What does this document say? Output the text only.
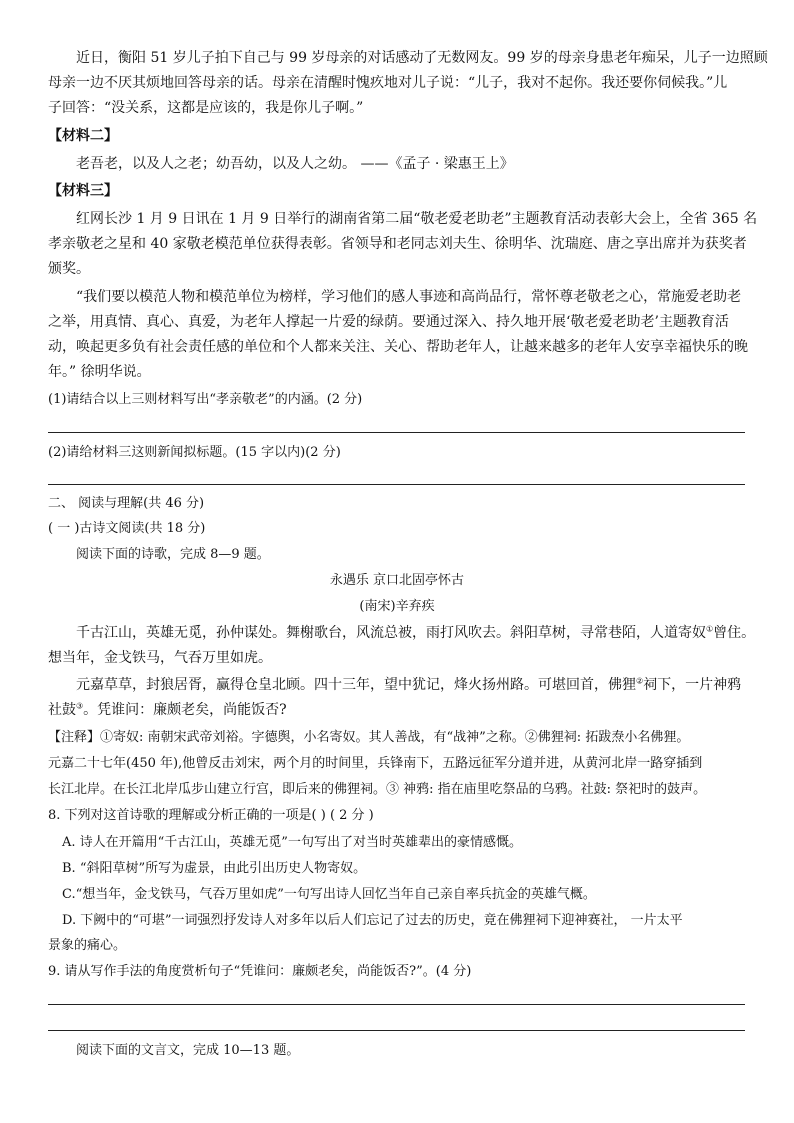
近日，衡阳 51 岁儿子拍下自己与 99 岁母亲的对话感动了无数网友。99 岁的母亲身患老年痴呆，儿子一边照顾
母亲一边不厌其烦地回答母亲的话。母亲在清醒时愧疚地对儿子说：“儿子，我对不起你。我还要你伺候我。”儿
子回答：“没关系，这都是应该的，我是你儿子啊。”
【材料二】
老吾老，以及人之老；幼吾幼，以及人之幼。 ——《孟子 · 梁惠王上》
【材料三】
红网长沙 1 月 9 日讯在 1 月 9 日举行的湖南省第二届“敬老爱老助老”主题教育活动表彰大会上，全省 365 名
孝亲敬老之星和 40 家敬老模范单位获得表彰。省领导和老同志刘夫生、徐明华、沈瑞庭、唐之享出席并为获奖者
颁奖。
“我们要以模范人物和模范单位为榜样，学习他们的感人事迹和高尚品行，常怀尊老敬老之心，常施爱老助老
之举，用真情、真心、真爱，为老年人撑起一片爱的绿荫。要通过深入、持久地开展‘敬老爱老助老’主题教育活
动，唤起更多负有社会责任感的单位和个人都来关注、关心、帮助老年人，让越来越多的老年人安享幸福快乐的晚
年。” 徐明华说。
(1)请结合以上三则材料写出“孝亲敬老”的内涵。(2 分)
(2)请给材料三这则新闻拟标题。(15 字以内)(2 分)
二、 阅读与理解(共 46 分)
( 一 )古诗文阅读(共 18 分)
阅读下面的诗歌，完成 8—9 题。
永遇乐 京口北固亭怀古
(南宋)辛弃疾
千古江山，英雄无觅，孙仲谋处。舞榭歌台，风流总被，雨打风吹去。斜阳草树，寻常巷陌，人道寄奴①曾住。
想当年，金戈铁马，气吞万里如虎。
元嘉草草，封狼居胥，赢得仓皇北顾。四十三年，望中犹记，烽火扬州路。可堪回首，佛狸②祠下，一片神鸦
社鼓③。凭谁问：廉颇老矣，尚能饭否?
【注释】①寄奴: 南朝宋武帝刘裕。字德舆，小名寄奴。其人善战，有“战神”之称。②佛狸祠: 拓跋焘小名佛狸。
元嘉二十七年(450 年),他曾反击刘宋，两个月的时间里，兵锋南下，五路远征军分道并进，从黄河北岸一路穿插到
长江北岸。在长江北岸瓜步山建立行宫，即后来的佛狸祠。③ 神鸦: 指在庙里吃祭品的乌鸦。社鼓: 祭祀时的鼓声。
8. 下列对这首诗歌的理解或分析正确的一项是( ) ( 2 分 )
A. 诗人在开篇用“千古江山，英雄无觅”一句写出了对当时英雄辈出的豪情感慨。
B. “斜阳草树”所写为虚景，由此引出历史人物寄奴。
C.“想当年，金戈铁马，气吞万里如虎”一句写出诗人回忆当年自己亲自率兵抗金的英雄气概。
D. 下阙中的“可堪”一词强烈抒发诗人对多年以后人们忘记了过去的历史，竟在佛狸祠下迎神赛社， 一片太平
景象的痛心。
9. 请从写作手法的角度赏析句子“凭谁问：廉颇老矣，尚能饭否?”。(4 分)
阅读下面的文言文，完成 10—13 题。
